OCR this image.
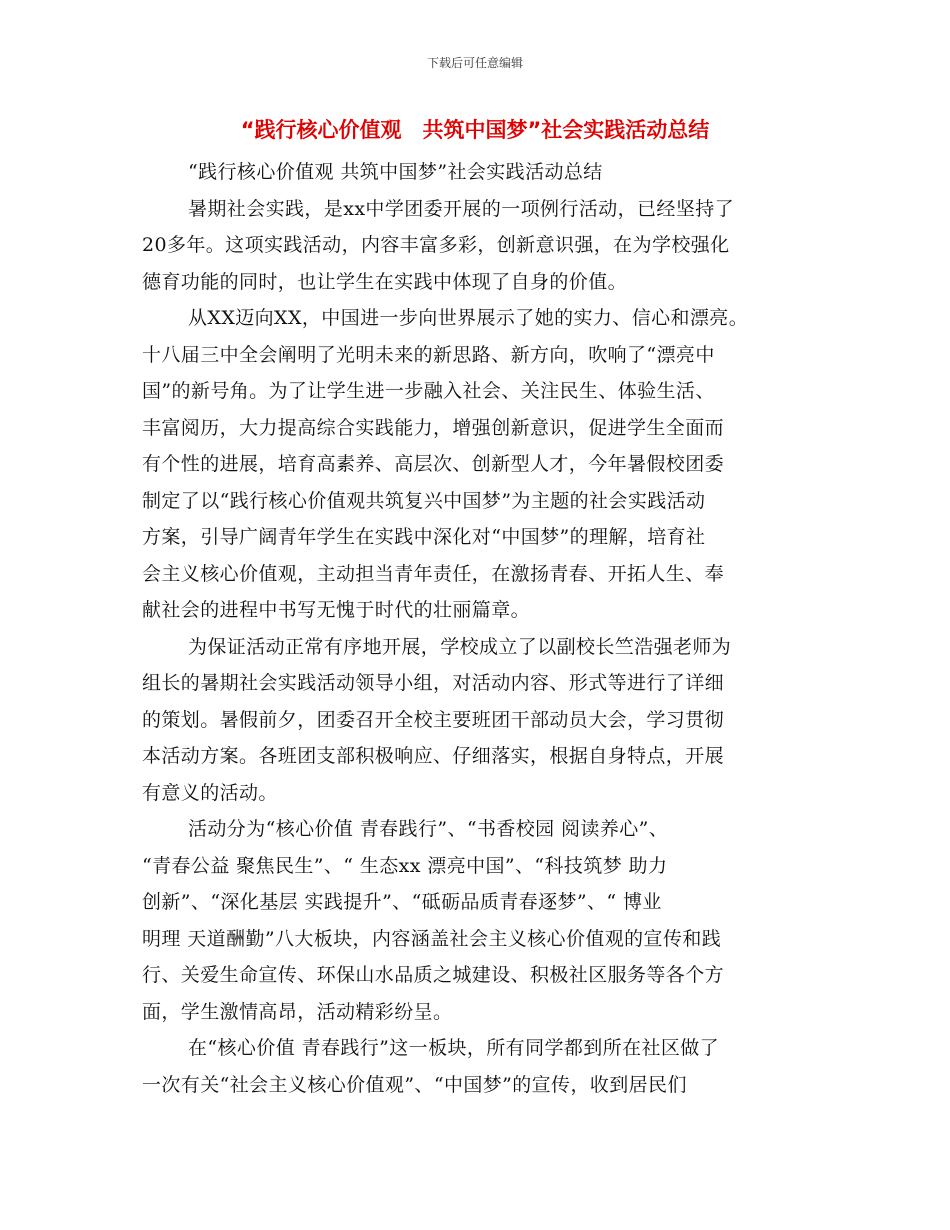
下载后可任意编辑
“践行核心价值观　共筑中国梦”社会实践活动总结
“践行核心价值观 共筑中国梦”社会实践活动总结
暑期社会实践，是xx中学团委开展的一项例行活动，已经坚持了
20多年。这项实践活动，内容丰富多彩，创新意识强，在为学校强化
德育功能的同时，也让学生在实践中体现了自身的价值。
从XX迈向XX，中国进一步向世界展示了她的实力、信心和漂亮。
十八届三中全会阐明了光明未来的新思路、新方向，吹响了“漂亮中
国”的新号角。为了让学生进一步融入社会、关注民生、体验生活、
丰富阅历，大力提高综合实践能力，增强创新意识，促进学生全面而
有个性的进展，培育高素养、高层次、创新型人才，今年暑假校团委
制定了以“践行核心价值观共筑复兴中国梦”为主题的社会实践活动
方案，引导广阔青年学生在实践中深化对“中国梦”的理解，培育社
会主义核心价值观，主动担当青年责任，在激扬青春、开拓人生、奉
献社会的进程中书写无愧于时代的壮丽篇章。
为保证活动正常有序地开展，学校成立了以副校长竺浩强老师为
组长的暑期社会实践活动领导小组，对活动内容、形式等进行了详细
的策划。暑假前夕，团委召开全校主要班团干部动员大会，学习贯彻
本活动方案。各班团支部积极响应、仔细落实，根据自身特点，开展
有意义的活动。
活动分为“核心价值 青春践行”、“书香校园 阅读养心”、
“青春公益 聚焦民生”、“ 生态xx 漂亮中国”、“科技筑梦 助力
创新”、“深化基层 实践提升”、“砥砺品质青春逐梦”、“ 博业
明理 天道酬勤”八大板块，内容涵盖社会主义核心价值观的宣传和践
行、关爱生命宣传、环保山水品质之城建设、积极社区服务等各个方
面，学生激情高昂，活动精彩纷呈。
在“核心价值 青春践行”这一板块，所有同学都到所在社区做了
一次有关“社会主义核心价值观”、“中国梦”的宣传，收到居民们
